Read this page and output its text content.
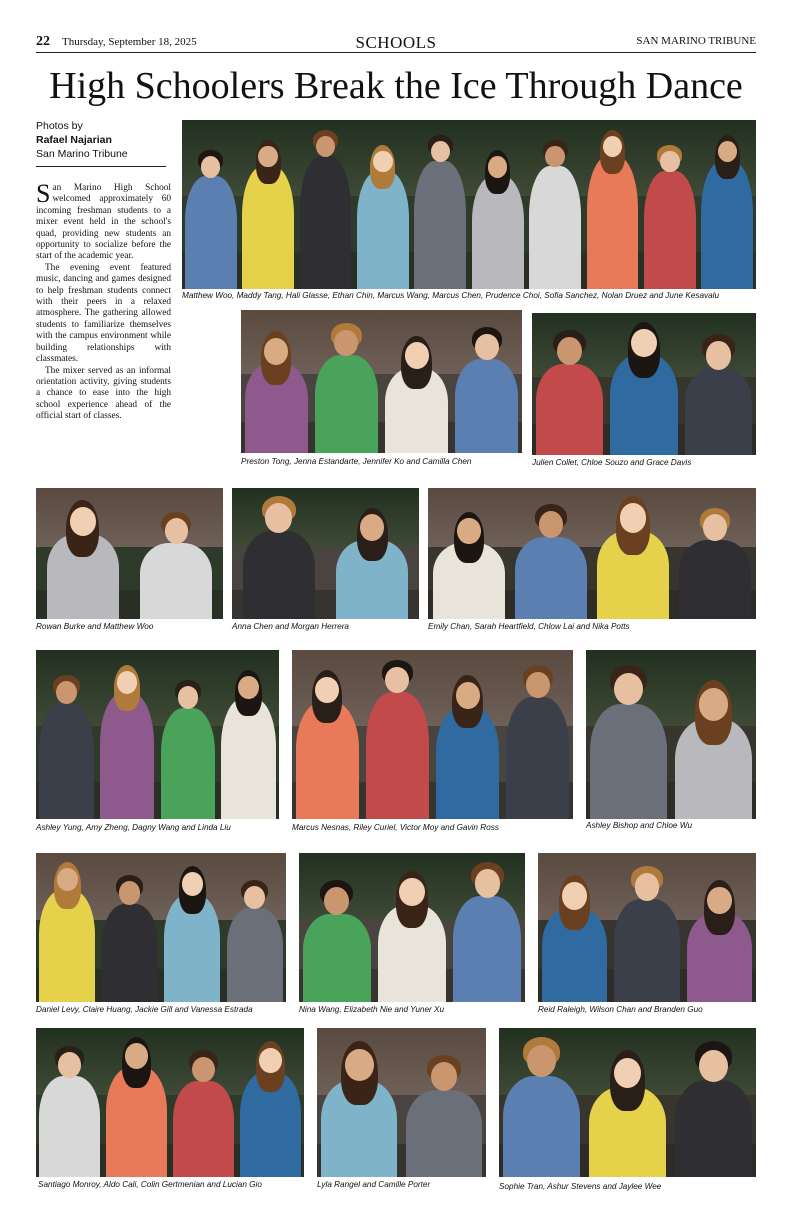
22 Thursday, September 18, 2025	SCHOOLS	SAN MARINO TRIBUNE
High Schoolers Break the Ice Through Dance
Photos by

Rafael Najarian
San Marino Tribune

San Marino High School welcomed approximately 60 incoming freshman students to a mixer event held in the school's quad, providing new students an opportunity to socialize before the start of the academic year.

The evening event featured music, dancing and games designed to help freshman students connect with their peers in a relaxed atmosphere. The gathering allowed students to familiarize themselves with the campus environment while building relationships with classmates.

The mixer served as an informal orientation activity, giving students a chance to ease into the high school experience ahead of the official start of classes.

Matthew Woo, Maddy Tang, Hali Glasse, Ethan Chin, Marcus Wang, Marcus Chen, Prudence Choi, Sofia Sanchez, Nolan Druez and June Kesavalu
Preston Tong, Jenna Estandarte, Jennifer Ko and Camilla Chen	Julien Collet, Chloe Souzo and Grace Davis
Rowan Burke and Matthew Woo	Anna Chen and Morgan Herrera	Emily Chan, Sarah Heartfield, Chlow Lai and Nika Potts
Ashley Yung, Amy Zheng, Dagny Wang and Linda Liu	Marcus Nesnas, Riley Curiel, Victor Moy and Gavin Ross	Ashley Bishop and Chloe Wu
Daniel Levy, Claire Huang, Jackie Gill and Vanessa Estrada	Nina Wang, Elizabeth Nie and Yuner Xu	Reid Raleigh, Wilson Chan and Branden Guo
Santiago Monroy, Aldo Cali, Colin Gertmenian and Lucian Gio	Lyla Rangel and Camille Porter	Sophie Tran, Ashur Stevens and Jaylee Wee
